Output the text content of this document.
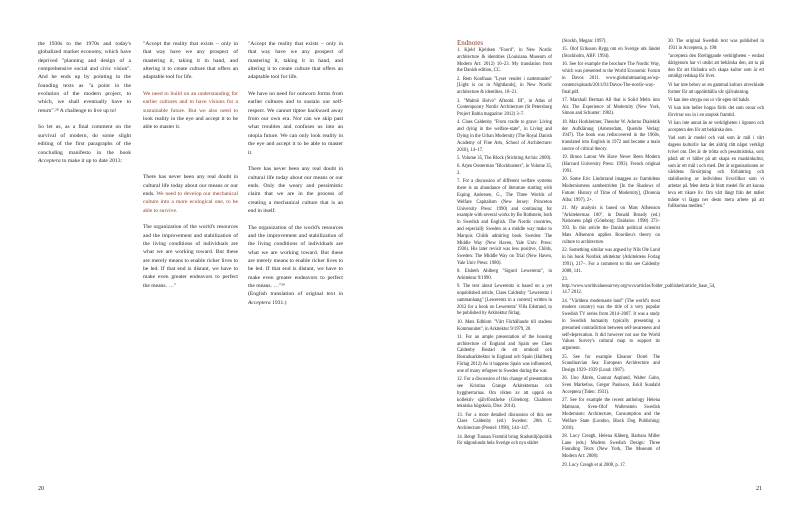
the 1930s to the 1970s and today's globalized market economy, which have deprived "planning and design of a comprehensive social and civic vision". And he ends up by pointing to the founding texts as "a point in the evolution of the modern project, to which, we shall eventually have to return".²⁸ A challenge to live up to!

So let us, as a final comment on the survival of modern, do some slight editing of the first paragraphs of the concluding manifesto in the book Acceptera to make it up to date 2013:

"Accept the reality that exists – only in that way have we any prospect of mastering it, taking it in hand, and altering it to create culture that offers an adaptable tool for life.

We need to build on an understanding for earlier cultures and to have visions for a sustainable future. But we also need to look reality in the eye and accept it to be able to master it.

There has never been any real doubt in cultural life today about our means or our ends. We need to develop our mechanical culture into a more ecological one, to be able to survive.

The organization of the world's resources and the improvement and stabilization of the living conditions of individuals are what we are working toward. But these are merely means to enable richer lives to be led. If that end is distant, we have to make even greater endeavors to perfect the means. …"

"Accept the reality that exists – only in that way have we any prospect of mastering it, taking it in hand, and altering it to create culture that offers an adaptable tool for life.

We have no need for outworn forms from earlier cultures and to sustain our self-respect. We cannot tiptoe backward away from our own era. Nor can we skip past what troubles and confuses us into an utopia future. We can only look reality in the eye and accept it to be able to master it.

There has never been any real doubt in cultural life today about our means or our ends. Only the weary and pessimistic claim that we are in the process of creating a mechanical culture that is an end in itself.

The organization of the world's resources and the improvement and stabilization of the living conditions of individuals are what we are working toward. But these are merely means to enable richer lives to be led. If that end is distant, we have to make even greater endeavors to perfect the means. …"²⁹

(English translation of original text in Acceptera 1931.)

20
Endnotes
1. Kjeld Kjeldsen "Foord", in New Nordic architecture & identities (Louisiana Museum of Modern Art: 2012) 16–23. My translation from the Danish edition, CC.
2. Rem Koolhaas "Lyset vender i nattestunder" [Light is on in Nightlands], in New Nordic architecture & identities, 18–21.
3. "Malmö Holvo" Aftonbl. III", in Atlas of Contemporary Nordic Architecture (St Petersburg Project Baltia magazine: 2012) 3–7.
4. Claes Caldenby "From cradle to grave: Living and dying in the welfare-state", in Living and Dying in the Urban Modernity (The Royal Danish Academy of Fine Arts, School of Architecture: 2010), 14–17.
5. Volume 35, The Block (Stichting Archis: 2009).
6. Arjen Oosterman "Blockbusters", in Volume 35, 2.
7. For a discussion of different welfare systems there is an abundance of literature starting with Esping Andersen, G., The Three Worlds of Welfare Capitalism (New Jersey: Princeton University Press: 1990) and continuing for example with several works by Bo Rothstein, both in Swedish and English. The Nordic countries, and especially Sweden as a middle way make to Marquis Childs admiring book Sweden: The Middle Way (New Haven, Yale Univ. Press: 1936). His later revisit was less positive, Childs, Sweden: The Middle Way on Trial (New Haven, Yale Univ Press: 1980).
8. Elsbeth Ahlberg "Sigurd Lewerentz", in Arkitektur 9/1990.
9. The text about Lewerentz is based on a yet unpublished article, Claes Caldenby "Lewerentz i sammanhang" [Lewerentz in a context] written in 2012 for a book on Lewerentz' Villa Edstrand, to be published by Arkitektur förlag.
10. Mats Edblom "Vårt Förhållande till stadens Kommunitet", in Arkitektur 9/1979, 20.
11. For an ample presentation of the housing architecture of England and Spain see Claes Caldenby Bostad de ett ombord och Bostadsarkitektur in England och Spain (Hallberg Förlag 2012) As it happens Spain was influenced, one of many refugees to Sweden during the war.
12. For a discussion of this change of presentation see Kristina Grange Arkitekternas och byggherrarnas. Om vikten av att uppnå en kollektiv självförståelse (Göteborg: Chalmers tekniska högskola, Diss: 2014).
13. For a more detailed discussion of this see Claes Caldenby (ed.) Sweden: 20th C. Architecture (Prestel: 1998), 144–147.
14. Bengt Tuunan Framtid bring Stadsmiljöpolitik för någonlunda hela Sverige och nya städer
(Stockh, Megan: 1997).
15. Olof Eriksson Bygg om en Sverige utk ländet (Stockholm, ABF: 1994).
16. See for example the brochure The Nordic Way, which was presented to the World Economic Forum in Davos 2011. www.globalutmaning.se/wp-content/uploads/2011/01/Davos-The-nordic-way-final.pdf.
17. Marshall Berman All that is Solid Melts into Air. The Experience of Modernity (New York, Simon and Schuster: 1982).
18. Max Horkheimer, Theodor W. Adorno Dialektik der Aufklärung (Amsterdam, Querido Verlag: 1947). The book was rediscovered in the 1960s, translated into English in 1972 and became a main source of critical theory.
19. Bruno Latour We Have Never Been Modern (Harvard University Press: 1993). French original 1991.
20. Some Eric Lindstrand imaggen av framtidens Modernismens sambestriden [In the Shadows of Future: History of Time of Modernity], (Dorenia Alba: 1997), 2+.
21. My analysis is based on Mats Alfsenson "Arkitekternas 100", in Donald Broady (ed.) Nationens pågå (Göteborg: Daidalos: 1998) 373–393. In this article the Danish political scientist Mats Alfsenson applies Bourdieu's theory on culture to architecture.
22. Something similar was argued by Nils Ole Lund in his book Nordisk arkitektur (Arkitektens Forlag 1991), 217–. For a comment to this see Caldenby 2008, 141.
23. http://www.worldvaluessurvey.org/wvs/articles/folder_published/article_base_54, 14.7 2012.
24. "Världens modernaste land" (The world's most modern country) was the title of a very popular Swedish TV series from 2014–2007. It was a study in Swedish humanity typically presenting a presumed contradiction between self-awareness and self-deprecation. It did however not use the World Values Survey's cultural map to support its argument.
25. See for example Eleanor Dorel The Scandinavian Sea: European Architecture and Design 1929–1939 (Lund: 1987).
26. Uno Åhrén, Gunnar Asplund, Walter Gahn, Sven Markelius, Gregor Paulsson, Eskil Sundahl Acceptera (Tiden: 1931).
27. See for example the recent anthology Helena Mattsson, Sven-Olof Wallenstein Swedish Modernism: Architecture, Consumption and the Welfare State (London, Black Dog Publishing: 2010).
28. Lucy Creagh, Helena Kåberg, Barbara Miller Lane (eds.) Modern Swedish Design: Three Founding Texts (New York, The Museum of Modern Art: 2008).
29. Lucy Creagh et al 2008, p. 17.
30. The original Swedish text was published in 1931 in Acceptera, p. 198:
"acceptera den föreliggande verkligheten – endast därigenom har vi utsikt att behärska den, att ta på den för att förändra och skapa kultur som är ett smidigt redskap för livet.
Vi har inte behov av en gammal kulturs utvecklade former för att upprätthålla vår självaktning.
Vi kan inte smyga oss ur vår egen tid bakåt.
Vi kan inte heller hoppa förbi det som oroar och förvirrar oss in i en utopisk framtid.
Vi kan inte annat än se verkligheten i ögonen och acceptera den för att behärska den.
Vad som är medel och vad som är mål i vårt dagens kulturliv har det aldrig rått något verkligt tvivel om. Det är de trötta och pessimistiska, som påstå att vi håller på att skapa en maskinkultur, som är ett mål i och med. Det är organisationen av världens försörjning och förbättring och stabilisering av individens livsvillkor som vi arbetar på. Men detta är blott medel för att kunna leva ett rikare liv. Om vårt långt från det målet måste vi lägga ner desto mera arbete på att fullkomna medlen."
21
